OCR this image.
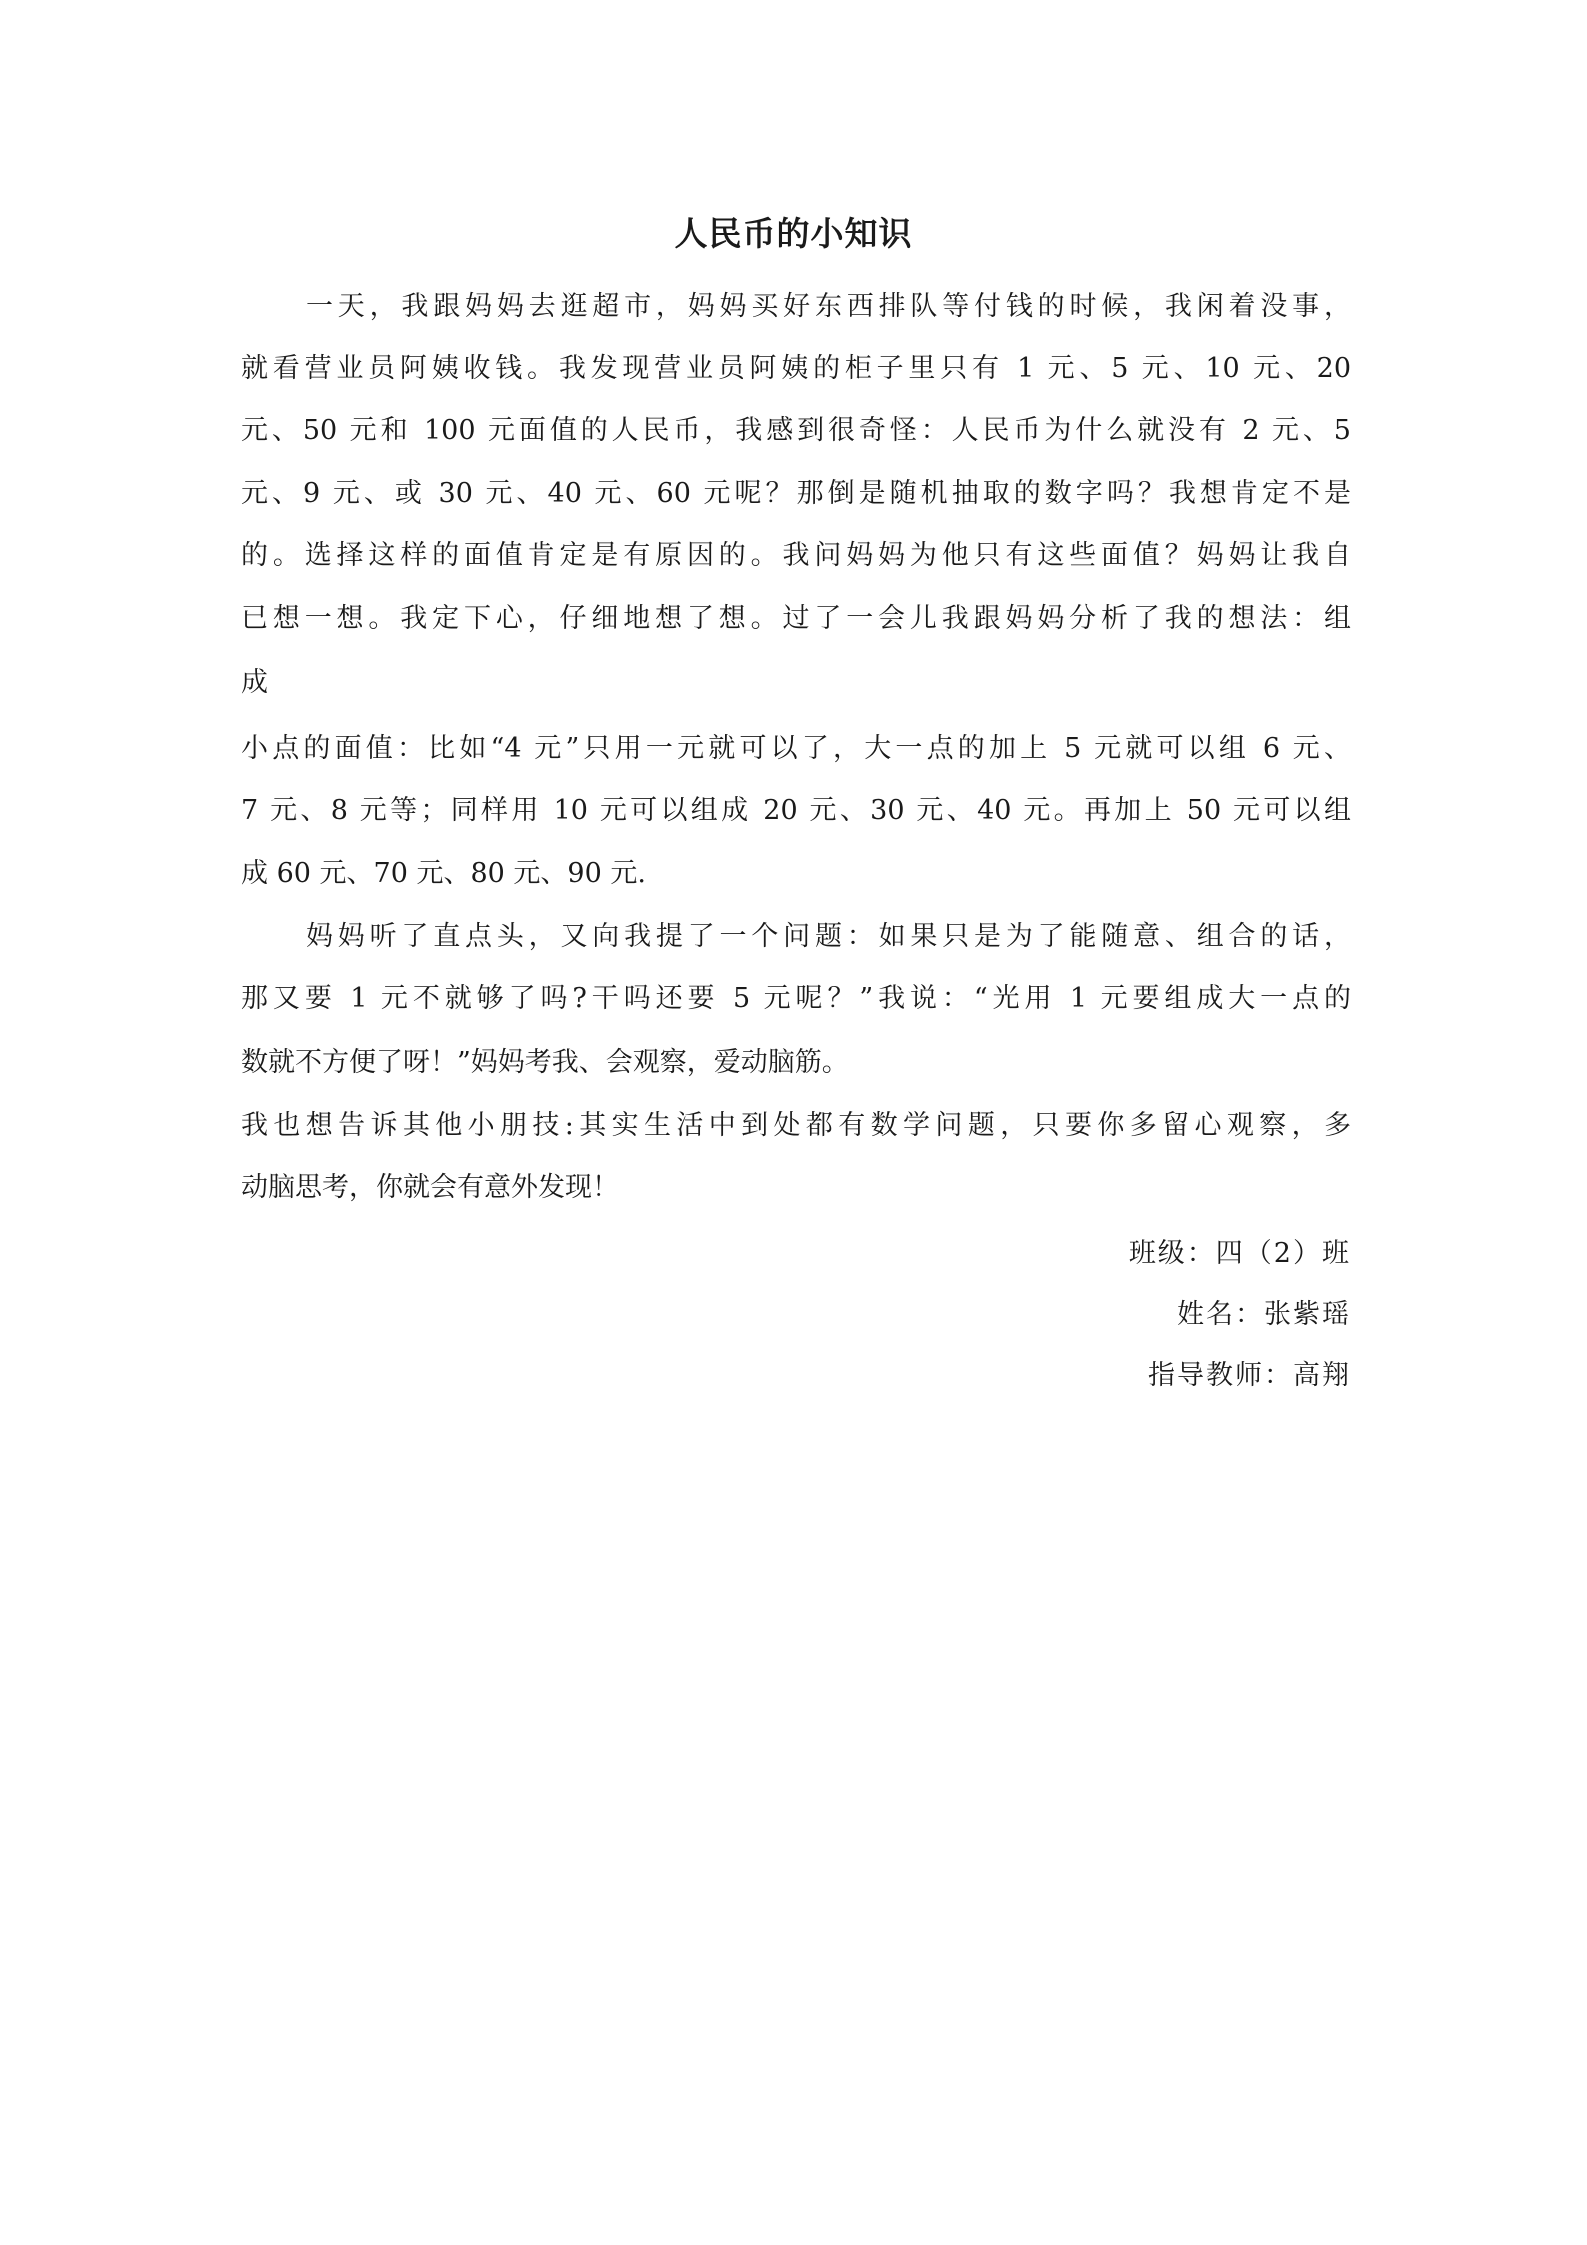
人民币的小知识
一天，我跟妈妈去逛超市，妈妈买好东西排队等付钱的时候，我闲着没事，
就看营业员阿姨收钱。我发现营业员阿姨的柜子里只有 1 元、5 元、10 元、20
元、50 元和 100 元面值的人民币，我感到很奇怪：人民币为什么就没有 2 元、5
元、9 元、或 30 元、40 元、60 元呢？那倒是随机抽取的数字吗？我想肯定不是
的。选择这样的面值肯定是有原因的。我问妈妈为他只有这些面值？妈妈让我自
已想一想。我定下心，仔细地想了想。过了一会儿我跟妈妈分析了我的想法：组
成
小点的面值：比如“4 元”只用一元就可以了，大一点的加上 5 元就可以组 6 元、
7 元、8 元等；同样用 10 元可以组成 20 元、30 元、40 元。再加上 50 元可以组
成 60 元、70 元、80 元、90 元.
妈妈听了直点头，又向我提了一个问题：如果只是为了能随意、组合的话，
那又要 1 元不就够了吗?干吗还要 5 元呢？”我说：“光用 1 元要组成大一点的
数就不方便了呀！”妈妈考我、会观察，爱动脑筋。
我也想告诉其他小朋技:其实生活中到处都有数学问题，只要你多留心观察，多
动脑思考，你就会有意外发现！
班级：四（2）班
姓名：张紫瑶
指导教师：高翔
